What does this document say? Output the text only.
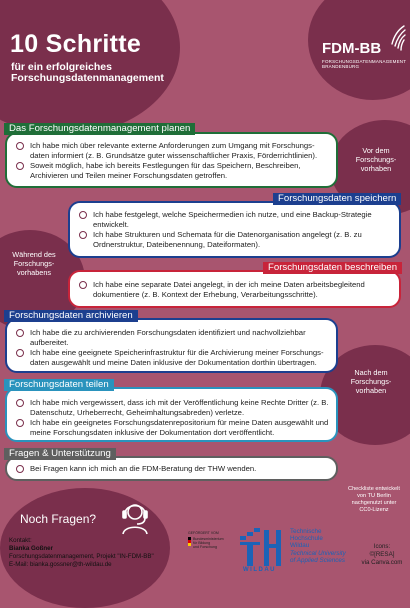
10 Schritte
für ein erfolgreiches
Forschungsdatenmanagement
FDM-BB
FORSCHUNGSDATENMANAGEMENT
BRANDENBURG
Ich habe mich über relevante externe Anforderungen zum Umgang mit Forschungsdaten informiert (z. B. Grundsätze guter wissenschaftlicher Praxis, Förderrichtlinien).
Soweit möglich, habe ich bereits Festlegungen für das Speichern, Beschreiben, Archivieren und Teilen meiner Forschungsdaten getroffen.
Das Forschungsdatenmanagement planen
Ich habe festgelegt, welche Speichermedien ich nutze, und eine Backup-Strategie entwickelt.
Ich habe Strukturen und Schemata für die Datenorganisation angelegt (z. B. zu Ordnerstruktur, Dateibenennung, Dateiformaten).
Forschungsdaten speichern
Ich habe eine separate Datei angelegt, in der ich meine Daten arbeitsbegleitend dokumentiere (z. B. Kontext der Erhebung, Verarbeitungsschritte).
Forschungsdaten beschreiben
Ich habe die zu archivierenden Forschungsdaten identifiziert und nachvollziehbar aufbereitet.
Ich habe eine geeignete Speicherinfrastruktur für die Archivierung meiner Forschungsdaten ausgewählt und meine Daten inklusive der Dokumentation dorthin übertragen.
Forschungsdaten archivieren
Ich habe mich vergewissert, dass ich mit der Veröffentlichung keine Rechte Dritter (z. B. Datenschutz, Urheberrecht, Geheimhaltungsabreden) verletze.
Ich habe ein geeignetes Forschungsdatenrepositorium für meine Daten ausgewählt und meine Forschungsdaten inklusive der Dokumentation dort veröffentlicht.
Forschungsdaten teilen
Bei Fragen kann ich mich an die FDM-Beratung der THW wenden.
Fragen & Unterstützung
Vor dem Forschungsvorhaben
Während des Forschungsvorhabens
Nach dem Forschungsvorhaben
Checkliste entwickelt von TU Berlin nachgenutzt unter CC0-Lizenz
Noch Fragen?
Kontakt:
Bianka Goßner
Forschungsdatenmanagement, Projekt "IN-FDM-BB"
E-Mail: bianka.gossner@th-wildau.de
GEFÖRDERT VOM
Bundesministerium
für Bildung
und Forschung
WILDAU
Technische
Hochschule
Wildau
Technical University
of Applied Sciences
Icons:
©[RESA]
via Canva.com
